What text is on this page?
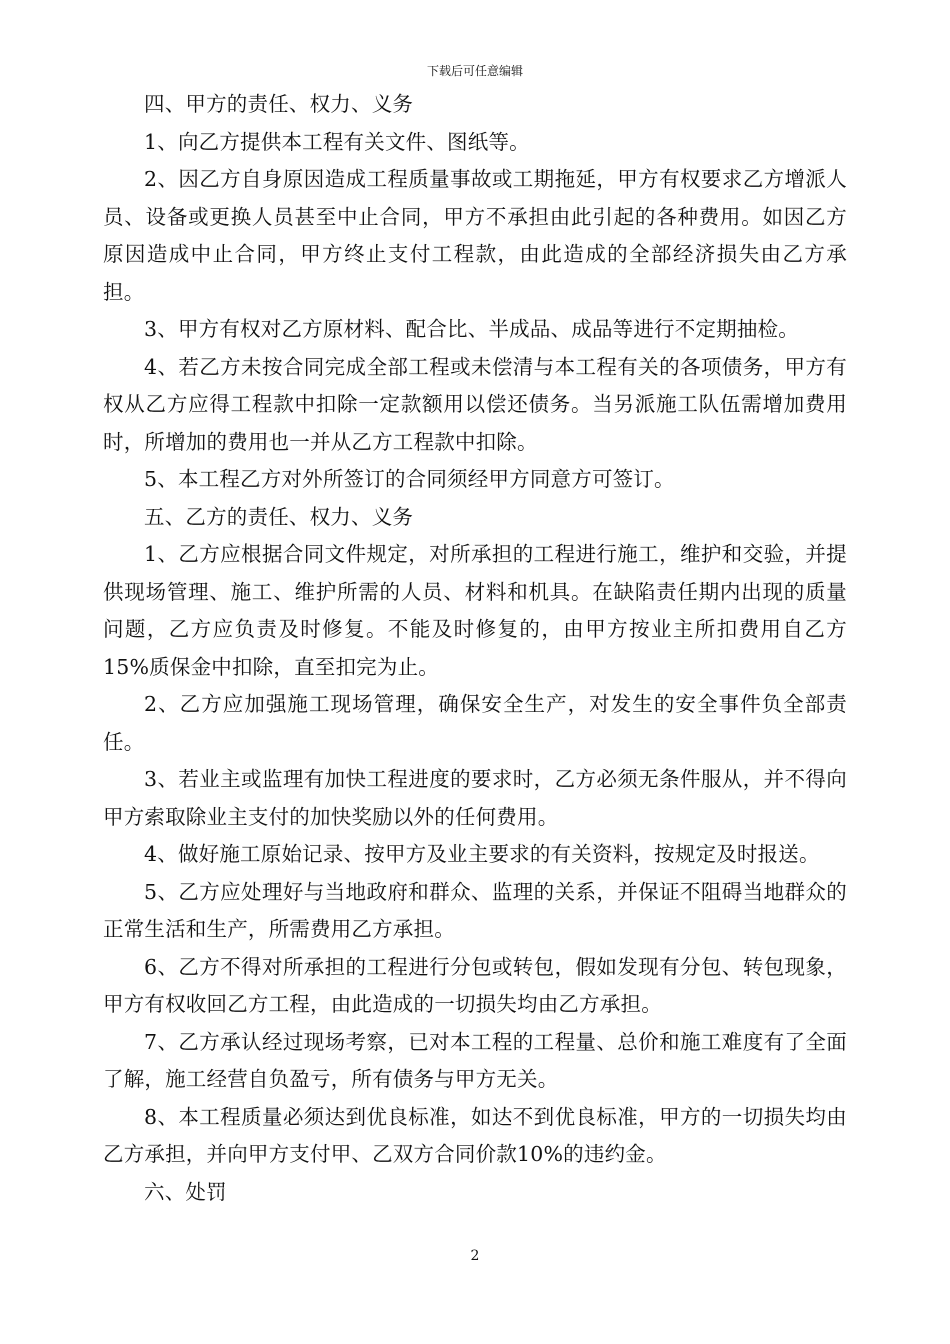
下载后可任意编辑

四、甲方的责任、权力、义务

1、向乙方提供本工程有关文件、图纸等。

2、因乙方自身原因造成工程质量事故或工期拖延，甲方有权要求乙方增派人员、设备或更换人员甚至中止合同，甲方不承担由此引起的各种费用。如因乙方原因造成中止合同，甲方终止支付工程款，由此造成的全部经济损失由乙方承担。

3、甲方有权对乙方原材料、配合比、半成品、成品等进行不定期抽检。

4、若乙方未按合同完成全部工程或未偿清与本工程有关的各项债务，甲方有权从乙方应得工程款中扣除一定款额用以偿还债务。当另派施工队伍需增加费用时，所增加的费用也一并从乙方工程款中扣除。

5、本工程乙方对外所签订的合同须经甲方同意方可签订。

五、乙方的责任、权力、义务

1、乙方应根据合同文件规定，对所承担的工程进行施工，维护和交验，并提供现场管理、施工、维护所需的人员、材料和机具。在缺陷责任期内出现的质量问题，乙方应负责及时修复。不能及时修复的，由甲方按业主所扣费用自乙方15%质保金中扣除，直至扣完为止。

2、乙方应加强施工现场管理，确保安全生产，对发生的安全事件负全部责任。

3、若业主或监理有加快工程进度的要求时，乙方必须无条件服从，并不得向甲方索取除业主支付的加快奖励以外的任何费用。

4、做好施工原始记录、按甲方及业主要求的有关资料，按规定及时报送。

5、乙方应处理好与当地政府和群众、监理的关系，并保证不阻碍当地群众的正常生活和生产，所需费用乙方承担。

6、乙方不得对所承担的工程进行分包或转包，假如发现有分包、转包现象，甲方有权收回乙方工程，由此造成的一切损失均由乙方承担。

7、乙方承认经过现场考察，已对本工程的工程量、总价和施工难度有了全面了解，施工经营自负盈亏，所有债务与甲方无关。

8、本工程质量必须达到优良标准，如达不到优良标准，甲方的一切损失均由乙方承担，并向甲方支付甲、乙双方合同价款10%的违约金。

六、处罚

2
